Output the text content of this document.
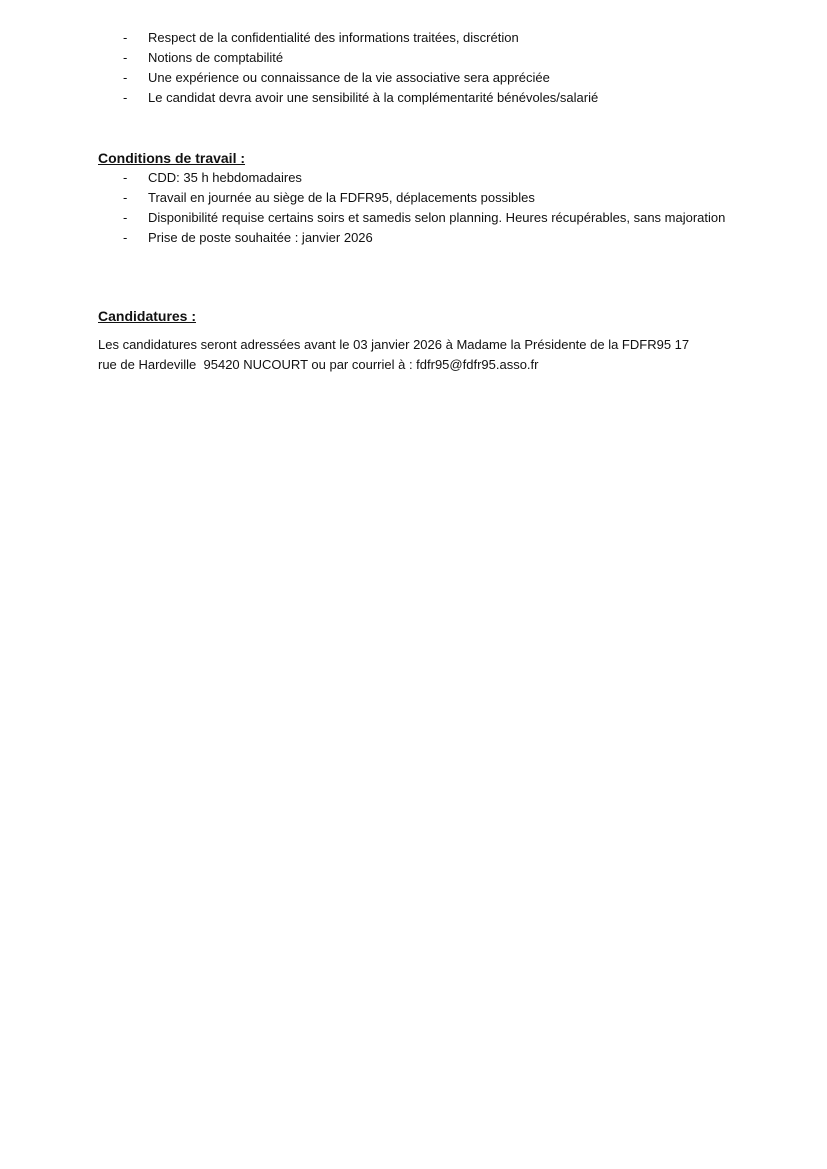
- Respect de la confidentialité des informations traitées, discrétion
- Notions de comptabilité
- Une expérience ou connaissance de la vie associative sera appréciée
- Le candidat devra avoir une sensibilité à la complémentarité bénévoles/salarié
Conditions de travail :
- CDD: 35 h hebdomadaires
- Travail en journée au siège de la FDFR95, déplacements possibles
- Disponibilité requise certains soirs et samedis selon planning. Heures récupérables, sans majoration
- Prise de poste souhaitée : janvier 2026
Candidatures :
Les candidatures seront adressées avant le 03 janvier 2026 à Madame la Présidente de la FDFR95 17
rue de Hardeville  95420 NUCOURT ou par courriel à : fdfr95@fdfr95.asso.fr
